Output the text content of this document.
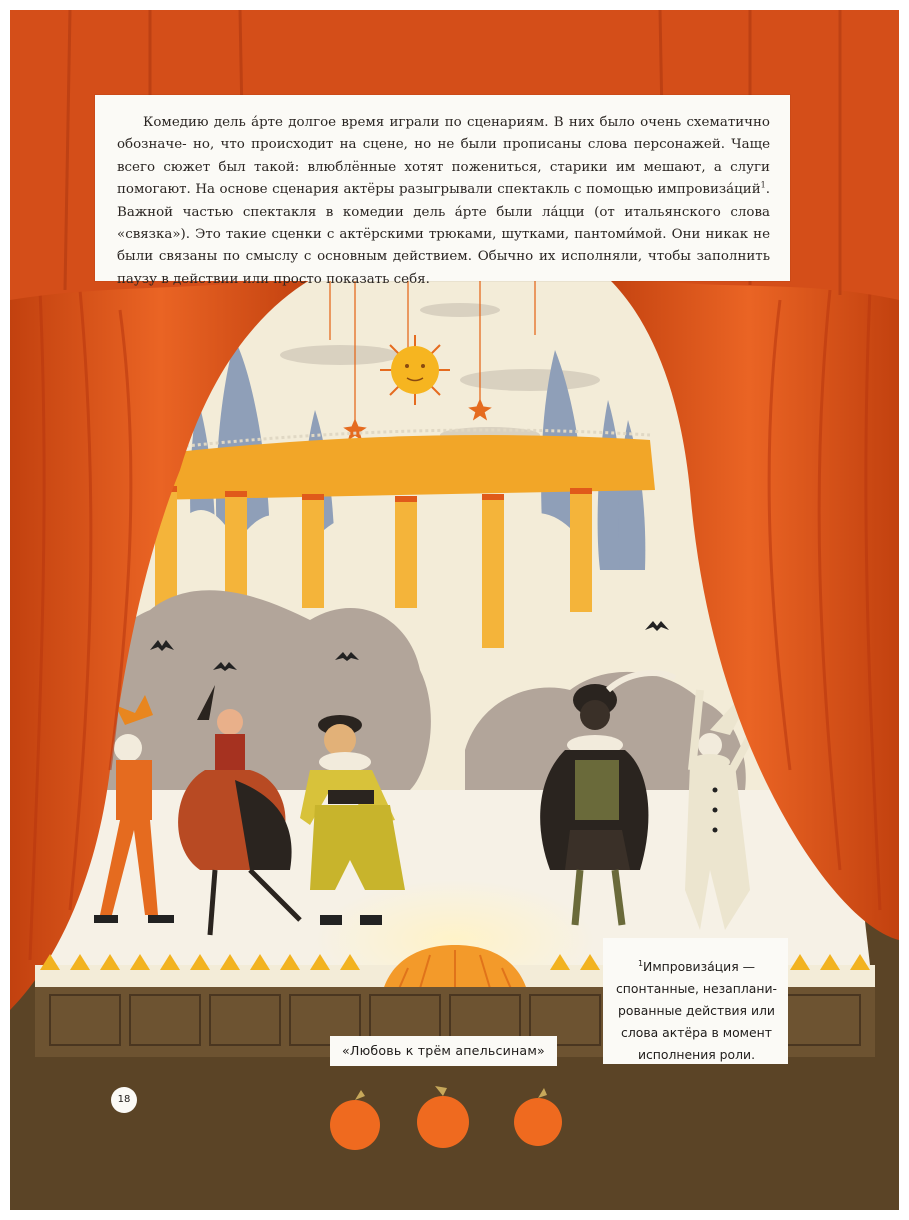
Комедию дель а́рте долгое время играли по сценариям. В них было очень схематично обозначе- но, что происходит на сцене, но не были прописаны слова персонажей. Чаще всего сюжет был такой: влюблённые хотят пожениться, старики им мешают, а слуги помогают. На основе сценария актёры разыгрывали спектакль с помощью импровиза́ций$^1$. Важной частью спектакля в комедии дель а́рте были ла́цци (от итальянского слова «связка»). Это такие сценки с актёрскими трюками, шутками, пантоми́мой. Они никак не были связаны по смыслу с основным действием. Обычно их исполняли, чтобы заполнить паузу в действии или просто показать себя.

$^1$Импровиза́ция —
спонтанные, незаплани-
рованные действия или
слова актёра в момент
исполнения роли.
«Любовь к трём апельсинам»
18
